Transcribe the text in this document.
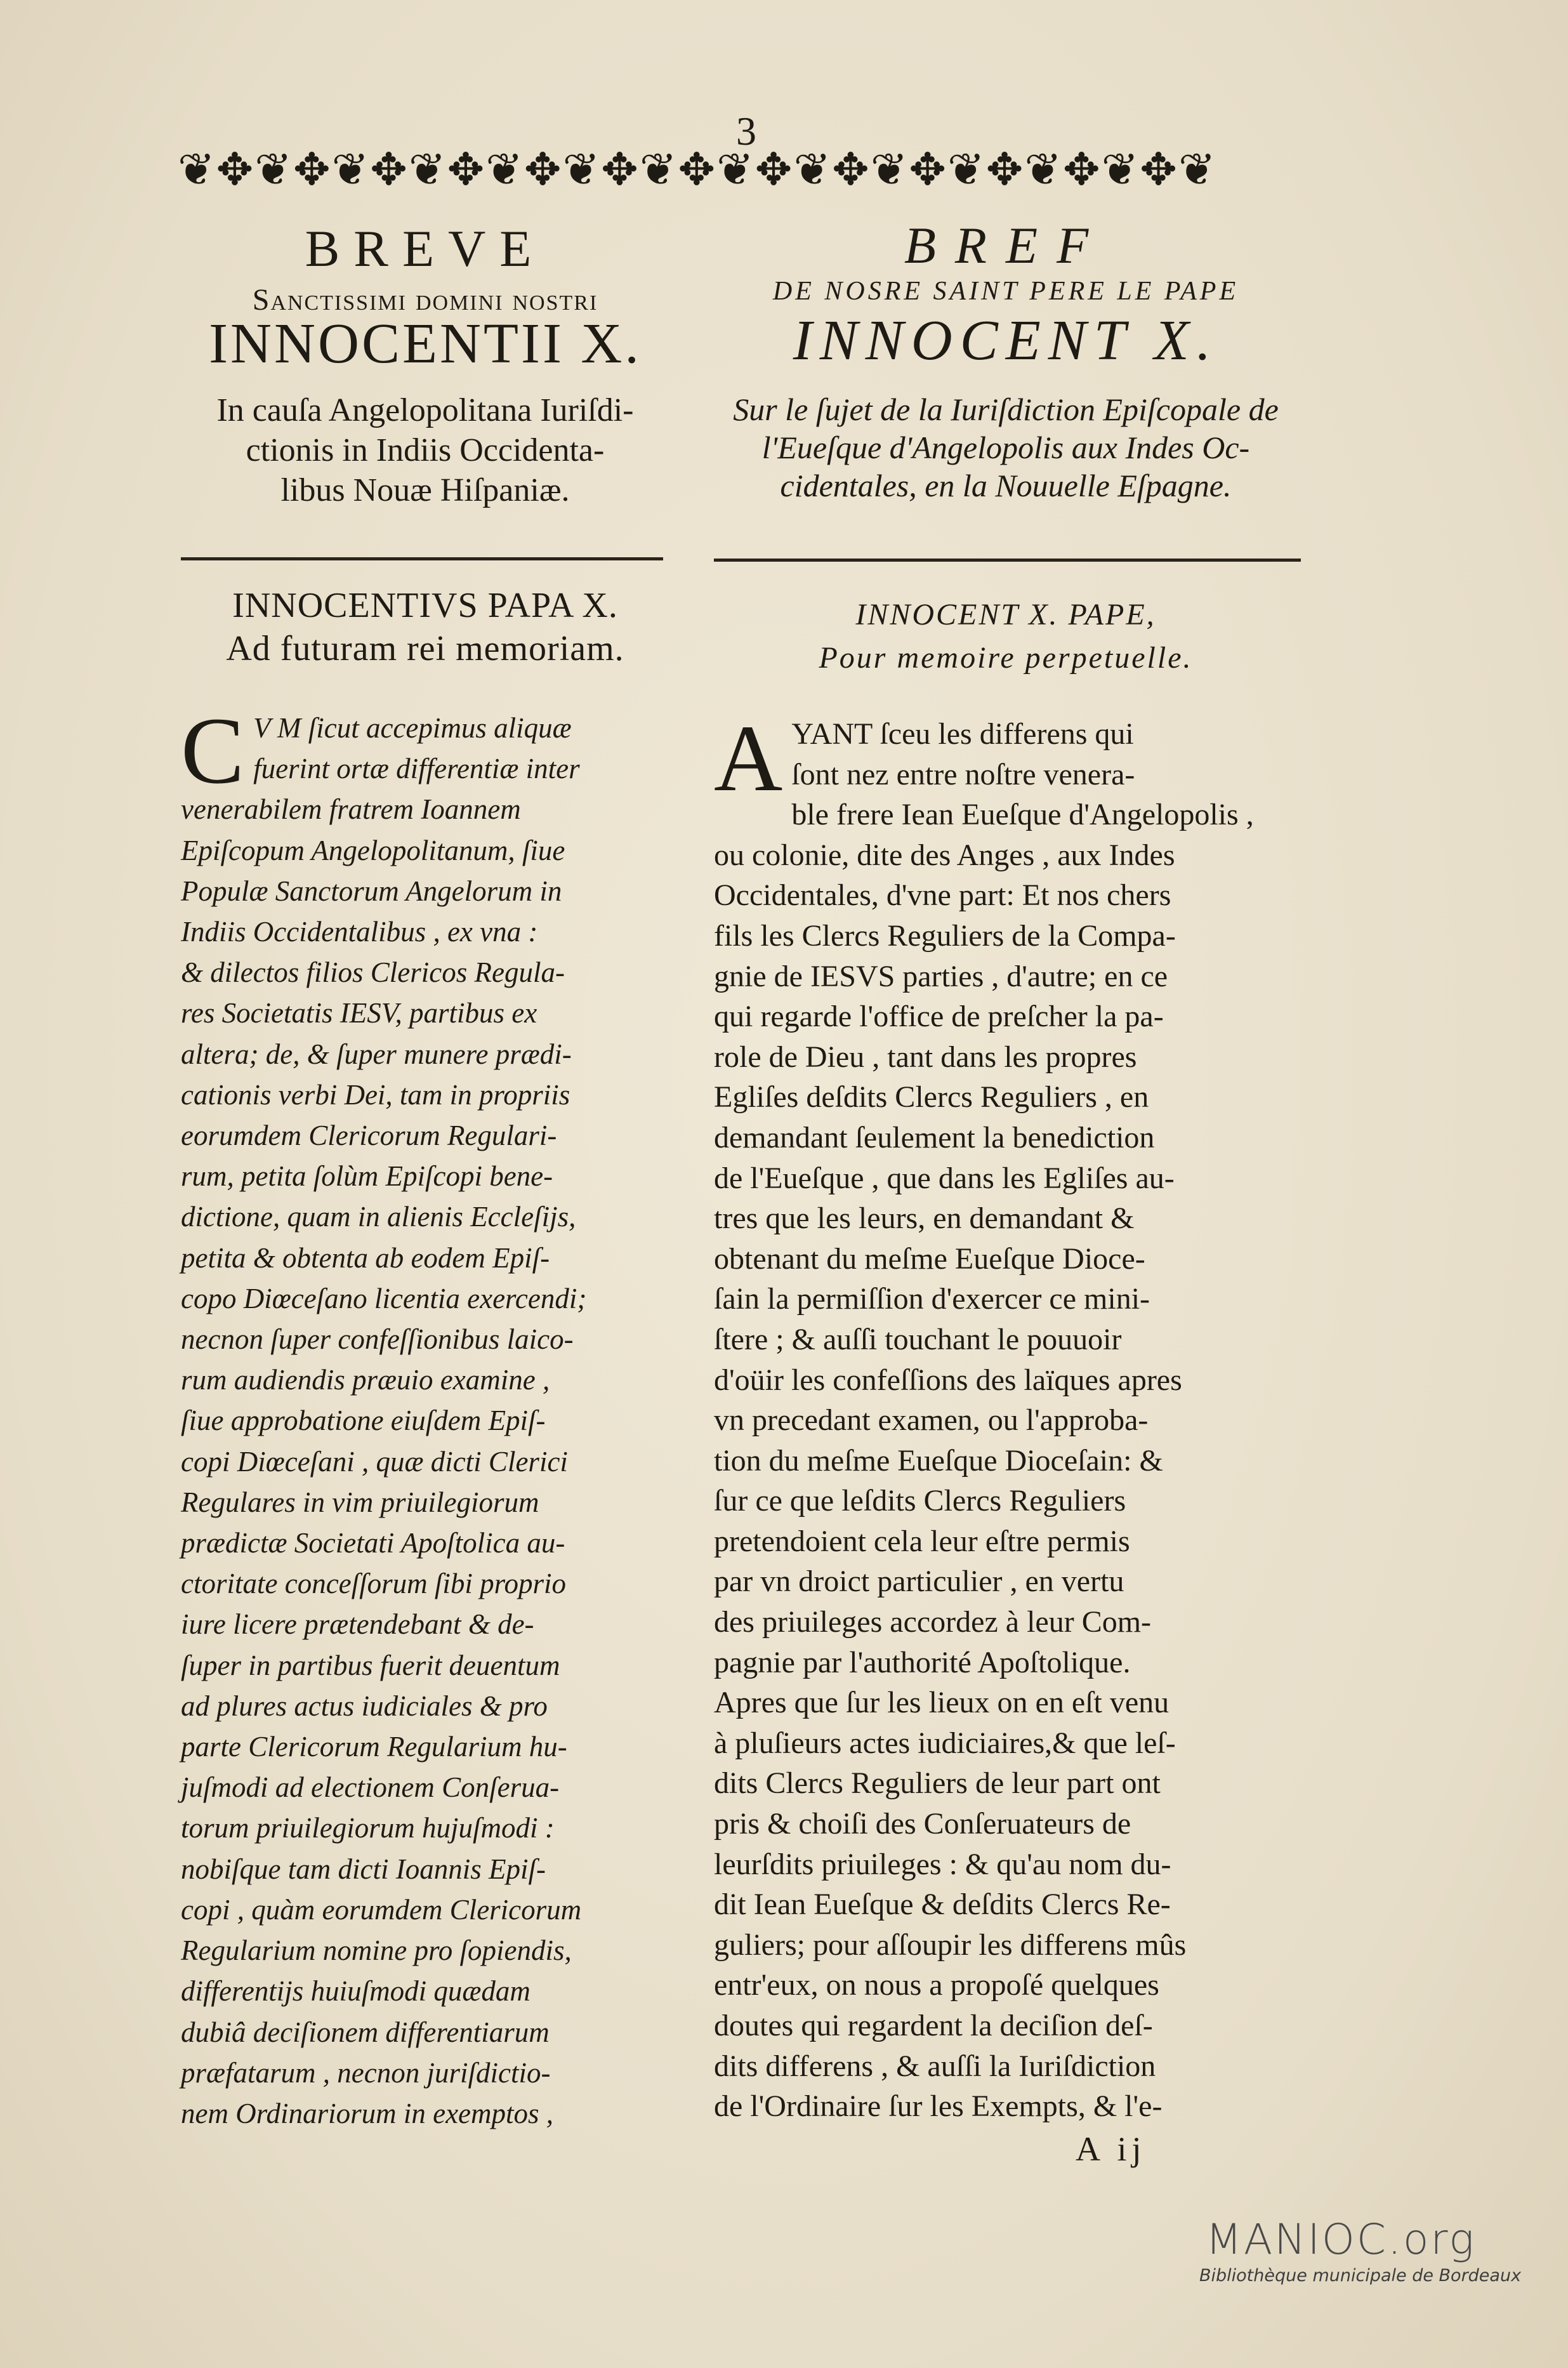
3
❦✥❦✥❦✥❦✥❦✥❦✥❦✥❦✥❦✥❦✥❦✥❦✥❦✥❦
BREVE
Sanctissimi domini nostri
INNOCENTII X.
In cauſa Angelopolitana Iuriſdi-
ctionis in Indiis Occidenta-
libus Nouæ Hiſpaniæ.
INNOCENTIVS PAPA X.
Ad futuram rei memoriam.
C V M ſicut accepimus aliquæ
fuerint ortæ differentiæ inter
venerabilem fratrem Ioannem
Epiſcopum Angelopolitanum, ſiue
Populæ Sanctorum Angelorum in
Indiis Occidentalibus , ex vna :
& dilectos filios Clericos Regula-
res Societatis IESV, partibus ex
altera; de, & ſuper munere prædi-
cationis verbi Dei, tam in propriis
eorumdem Clericorum Regulari-
rum, petita ſolùm Epiſcopi bene-
dictione, quam in alienis Eccleſijs,
petita & obtenta ab eodem Epiſ-
copo Diœceſano licentia exercendi;
necnon ſuper confeſſionibus laico-
rum audiendis præuio examine ,
ſiue approbatione eiuſdem Epiſ-
copi Diœceſani , quæ dicti Clerici
Regulares in vim priuilegiorum
prædictæ Societati Apoſtolica au-
ctoritate conceſſorum ſibi proprio
iure licere prætendebant & de-
ſuper in partibus fuerit deuentum
ad plures actus iudiciales & pro
parte Clericorum Regularium hu-
juſmodi ad electionem Conſerua-
torum priuilegiorum hujuſmodi :
nobiſque tam dicti Ioannis Epiſ-
copi , quàm eorumdem Clericorum
Regularium nomine pro ſopiendis,
differentijs huiuſmodi quædam
dubiâ deciſionem differentiarum
præfatarum , necnon juriſdictio-
nem Ordinariorum in exemptos ,
BREF
DE NOSRE SAINT PERE LE PAPE
INNOCENT X.
Sur le ſujet de la Iuriſdiction Epiſcopale de
l'Eueſque d'Angelopolis aux Indes Oc-
cidentales, en la Nouuelle Eſpagne.
INNOCENT X. PAPE,
Pour memoire perpetuelle.
A YANT ſceu les differens qui
ſont nez entre noſtre venera-
ble frere Iean Eueſque d'Angelopolis ,
ou colonie, dite des Anges , aux Indes
Occidentales, d'vne part: Et nos chers
fils les Clercs Reguliers de la Compa-
gnie de IESVS parties , d'autre; en ce
qui regarde l'office de preſcher la pa-
role de Dieu , tant dans les propres
Egliſes deſdits Clercs Reguliers , en
demandant ſeulement la benediction
de l'Eueſque , que dans les Egliſes au-
tres que les leurs, en demandant &
obtenant du meſme Eueſque Dioce-
ſain la permiſſion d'exercer ce mini-
ſtere ; & auſſi touchant le pouuoir
d'oüir les confeſſions des laïques apres
vn precedant examen, ou l'approba-
tion du meſme Eueſque Dioceſain: &
ſur ce que leſdits Clercs Reguliers
pretendoient cela leur eſtre permis
par vn droict particulier , en vertu
des priuileges accordez à leur Com-
pagnie par l'authorité Apoſtolique.
Apres que ſur les lieux on en eſt venu
à pluſieurs actes iudiciaires,& que leſ-
dits Clercs Reguliers de leur part ont
pris & choiſi des Conſeruateurs de
leurſdits priuileges : & qu'au nom du-
dit Iean Eueſque & deſdits Clercs Re-
guliers; pour aſſoupir les differens mûs
entr'eux, on nous a propoſé quelques
doutes qui regardent la deciſion deſ-
dits differens , & auſſi la Iuriſdiction
de l'Ordinaire ſur les Exempts, & l'e-
A ij
MANIOC.org
Bibliothèque municipale de Bordeaux
